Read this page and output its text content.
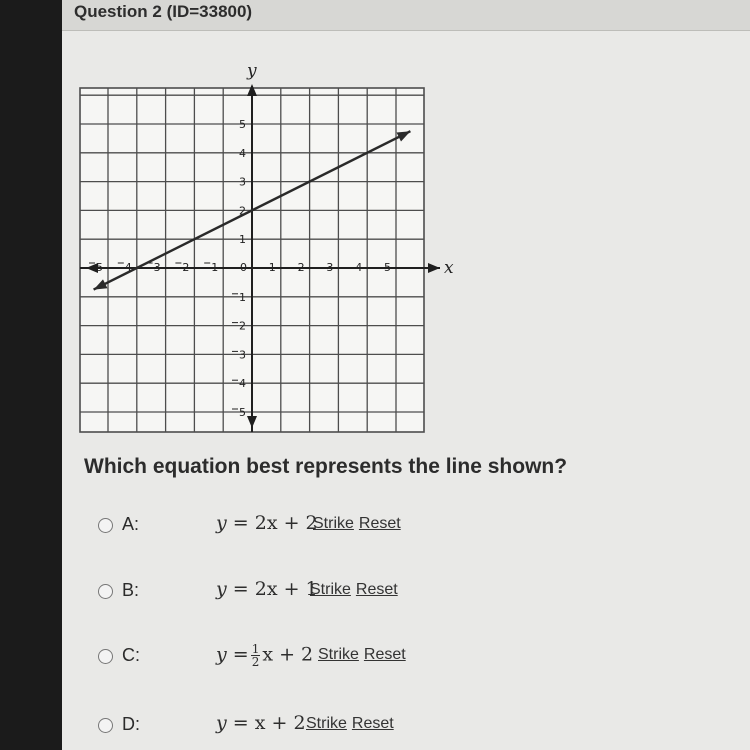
Question 2 (ID=33800)
5 4 3 2 1 0 1 2 3 4 5
5
4
3
2
1
1
2
3
4
5
x
y
Which equation best represents the line shown?
A:	y = 2x + 2
Strike Reset
B:	y = 2x + 1
Strike Reset
C:	$y = \frac{1}{2}$ x + 2 Strike Reset
D:	y = x + 2 Strike Reset
